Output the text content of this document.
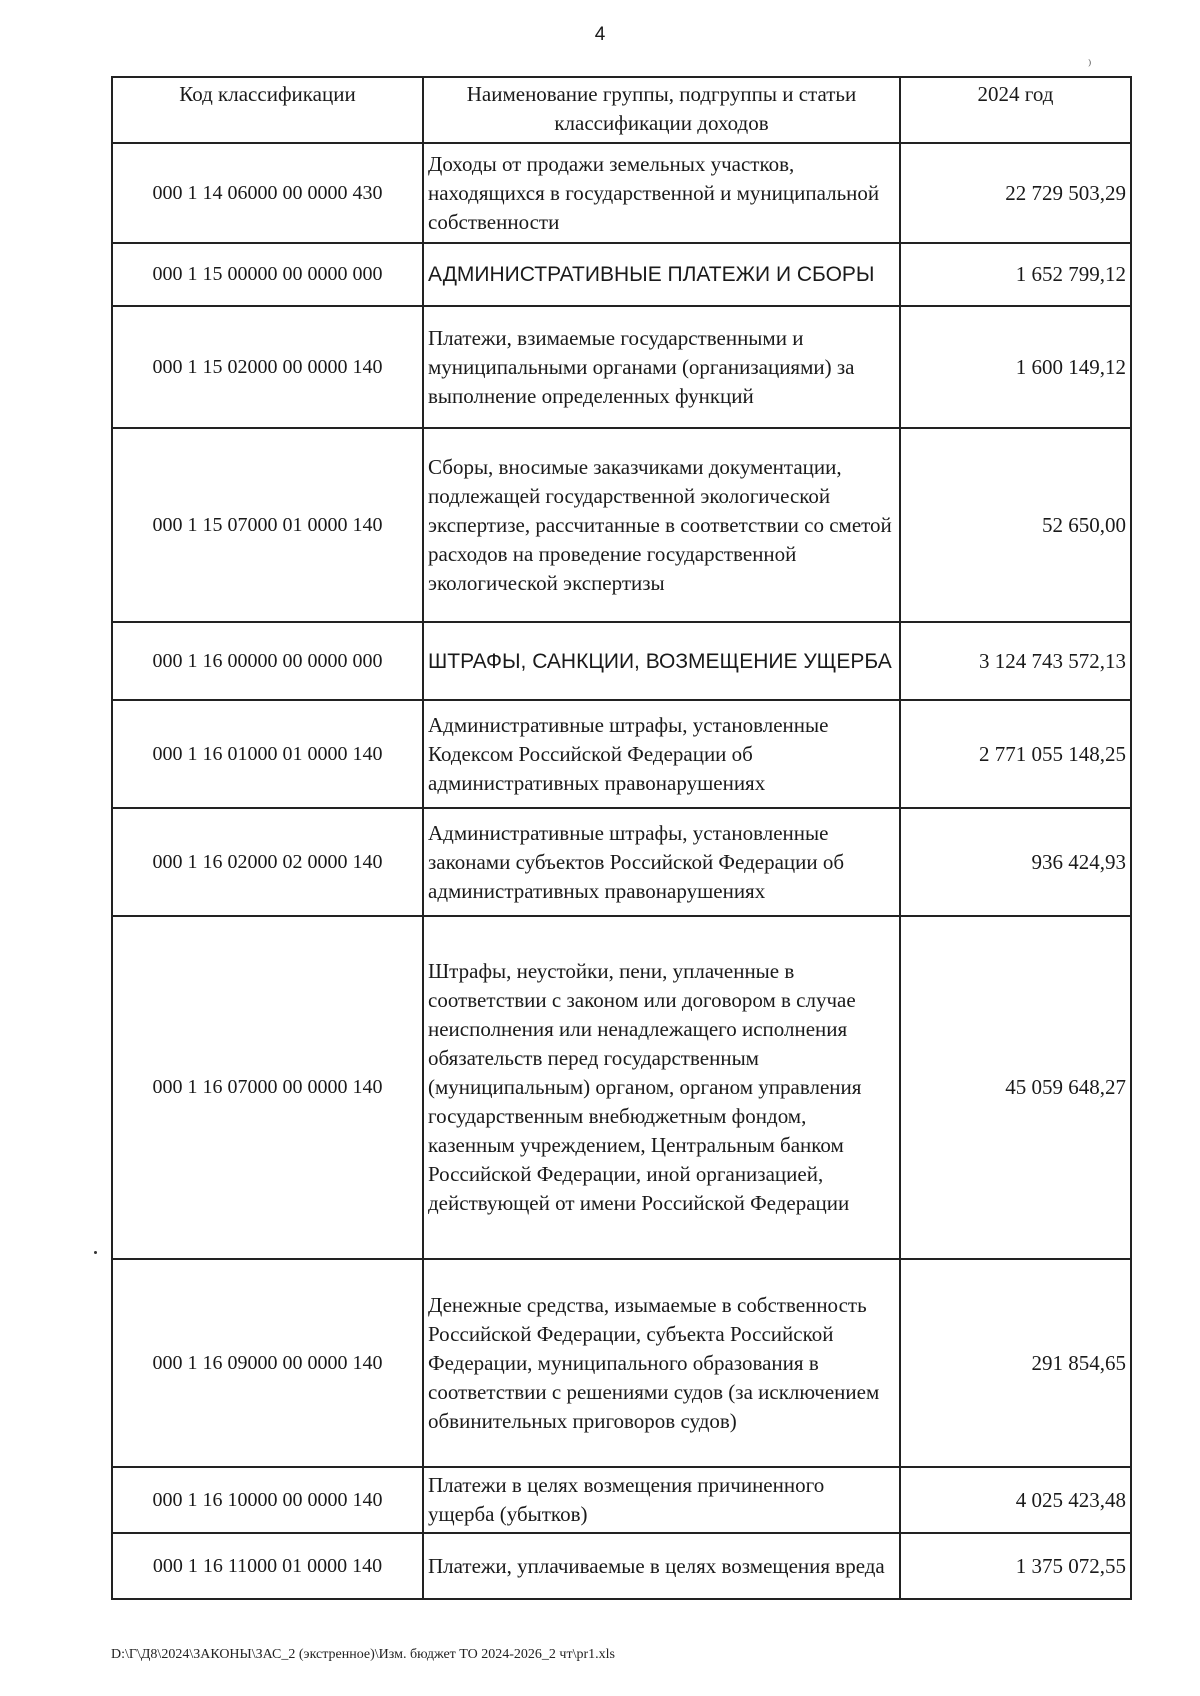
4
⁾
Код классификации	Наименование группы, подгруппы и статьи классификации доходов	2024 год
000 1 14 06000 00 0000 430	Доходы от продажи земельных участков, находящихся в государственной и муниципальной собственности	22 729 503,29
000 1 15 00000 00 0000 000	АДМИНИСТРАТИВНЫЕ ПЛАТЕЖИ И СБОРЫ	1 652 799,12
000 1 15 02000 00 0000 140	Платежи, взимаемые государственными и муниципальными органами (организациями) за выполнение определенных функций	1 600 149,12
000 1 15 07000 01 0000 140	Сборы, вносимые заказчиками документации, подлежащей государственной экологической экспертизе, рассчитанные в соответствии со сметой расходов на проведение государственной экологической экспертизы	52 650,00
000 1 16 00000 00 0000 000	ШТРАФЫ, САНКЦИИ, ВОЗМЕЩЕНИЕ УЩЕРБА	3 124 743 572,13
000 1 16 01000 01 0000 140	Административные штрафы, установленные Кодексом Российской Федерации об административных правонарушениях	2 771 055 148,25
000 1 16 02000 02 0000 140	Административные штрафы, установленные законами субъектов Российской Федерации об административных правонарушениях	936 424,93
000 1 16 07000 00 0000 140	Штрафы, неустойки, пени, уплаченные в соответствии с законом или договором в случае неисполнения или ненадлежащего исполнения обязательств перед государственным (муниципальным) органом, органом управления государственным внебюджетным фондом, казенным учреждением, Центральным банком Российской Федерации, иной организацией, действующей от имени Российской Федерации	45 059 648,27
000 1 16 09000 00 0000 140	Денежные средства, изымаемые в собственность Российской Федерации, субъекта Российской Федерации, муниципального образования в соответствии с решениями судов (за исключением обвинительных приговоров судов)	291 854,65
000 1 16 10000 00 0000 140	Платежи в целях возмещения причиненного ущерба (убытков)	4 025 423,48
000 1 16 11000 01 0000 140	Платежи, уплачиваемые в целях возмещения вреда	1 375 072,55
D:\Г\Д8\2024\ЗАКОНЫ\ЗАС_2 (экстренное)\Изм. бюджет ТО 2024-2026_2 чт\pr1.xls
